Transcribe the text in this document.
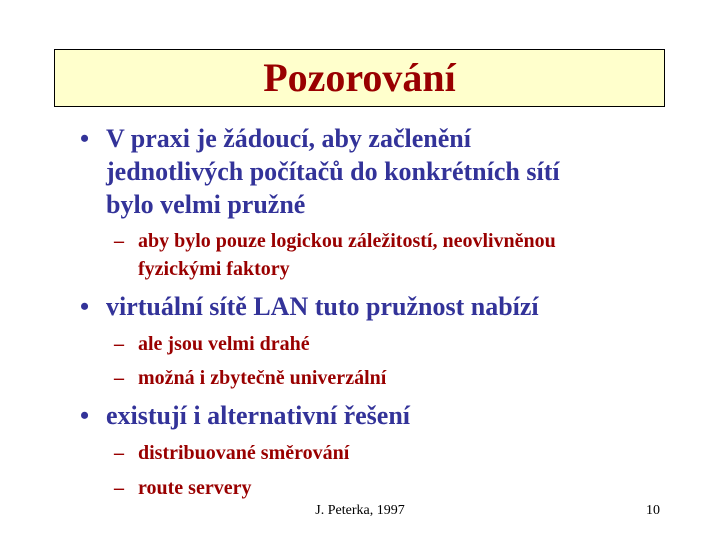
Pozorování
• V praxi je žádoucí, aby začlenění
jednotlivých počítačů do konkrétních sítí
bylo velmi pružné
– aby bylo pouze logickou záležitostí, neovlivněnou
fyzickými faktory
• virtuální sítě LAN tuto pružnost nabízí
– ale jsou velmi drahé
– možná i zbytečně univerzální
• existují i alternativní řešení
– distribuované směrování
– route servery
J. Peterka, 1997	10
